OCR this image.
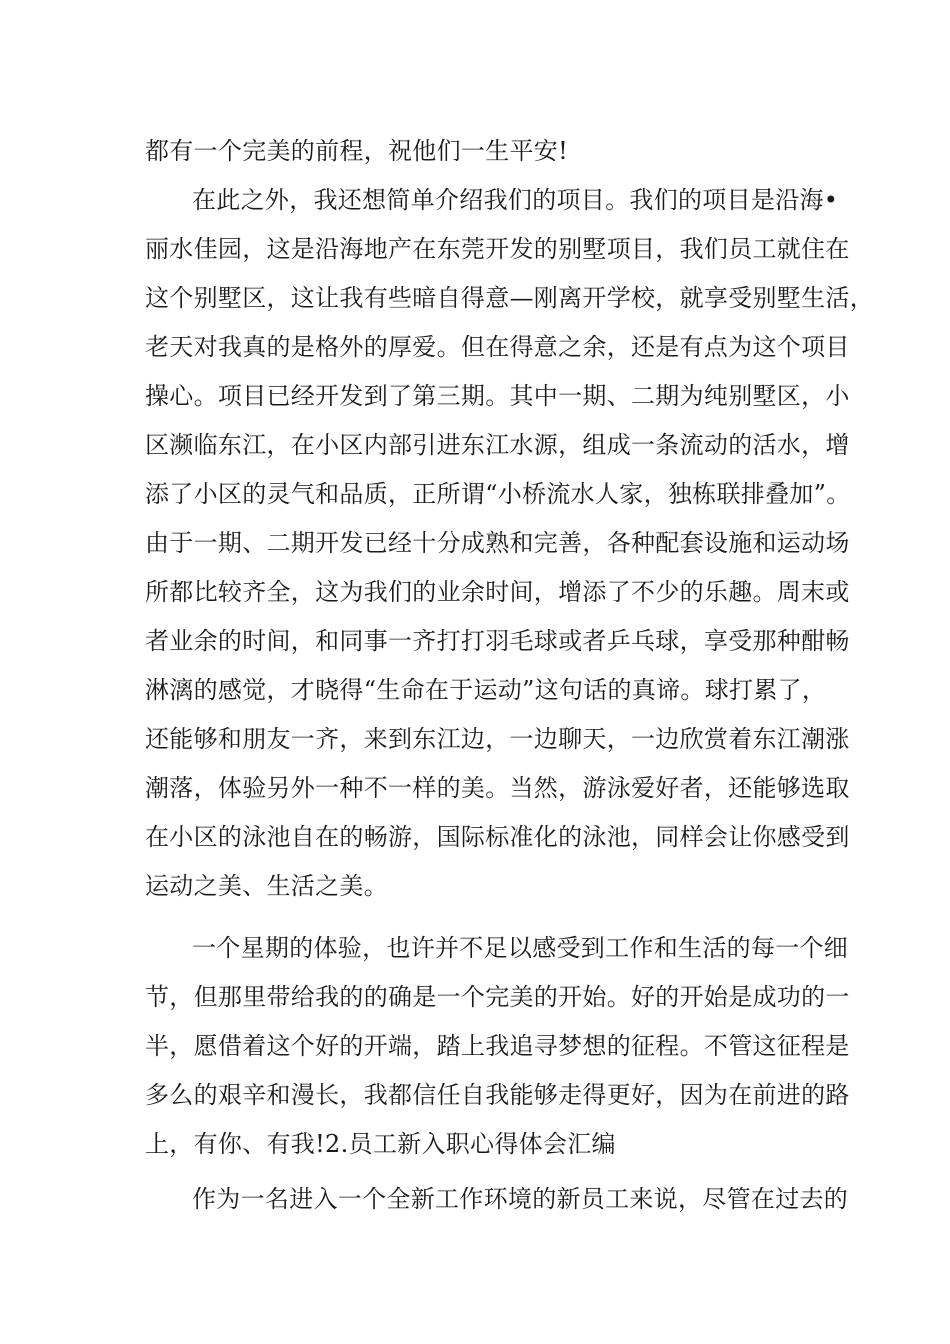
都有一个完美的前程，祝他们一生平安!
在此之外，我还想简单介绍我们的项目。我们的项目是沿海•
丽水佳园，这是沿海地产在东莞开发的别墅项目，我们员工就住在
这个别墅区，这让我有些暗自得意—刚离开学校，就享受别墅生活，
老天对我真的是格外的厚爱。但在得意之余，还是有点为这个项目
操心。项目已经开发到了第三期。其中一期、二期为纯别墅区，小
区濒临东江，在小区内部引进东江水源，组成一条流动的活水，增
添了小区的灵气和品质，正所谓“小桥流水人家，独栋联排叠加”。
由于一期、二期开发已经十分成熟和完善，各种配套设施和运动场
所都比较齐全，这为我们的业余时间，增添了不少的乐趣。周末或
者业余的时间，和同事一齐打打羽毛球或者乒乓球，享受那种酣畅
淋漓的感觉，才晓得“生命在于运动”这句话的真谛。球打累了，
还能够和朋友一齐，来到东江边，一边聊天，一边欣赏着东江潮涨
潮落，体验另外一种不一样的美。当然，游泳爱好者，还能够选取
在小区的泳池自在的畅游，国际标准化的泳池，同样会让你感受到
运动之美、生活之美。
一个星期的体验，也许并不足以感受到工作和生活的每一个细
节，但那里带给我的的确是一个完美的开始。好的开始是成功的一
半，愿借着这个好的开端，踏上我追寻梦想的征程。不管这征程是
多么的艰辛和漫长，我都信任自我能够走得更好，因为在前进的路
上，有你、有我!2.员工新入职心得体会汇编
作为一名进入一个全新工作环境的新员工来说，尽管在过去的
